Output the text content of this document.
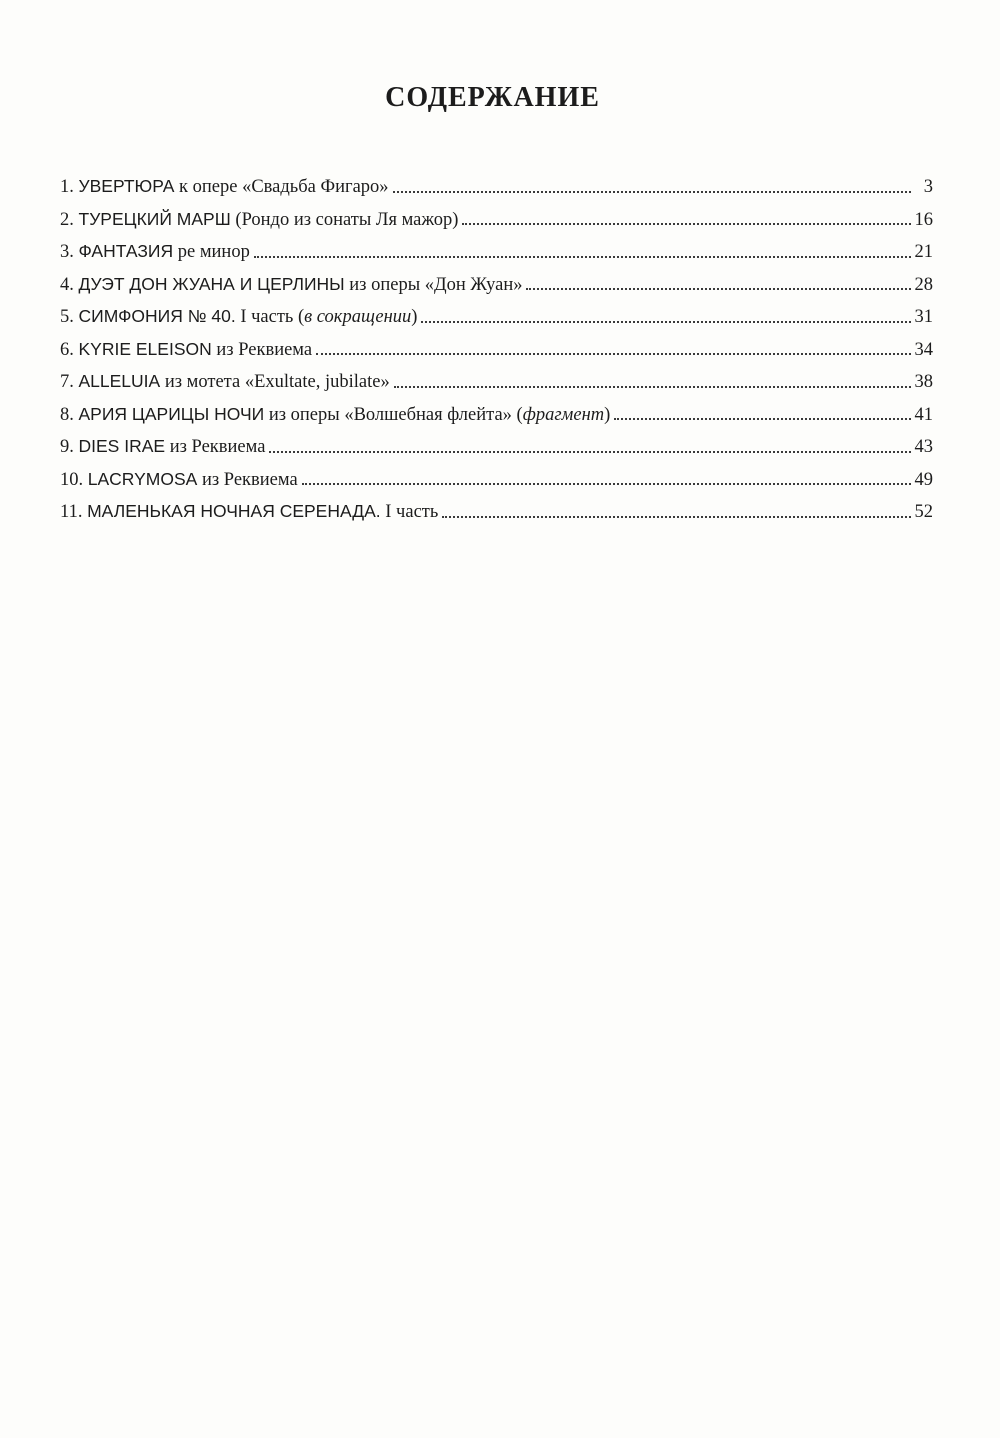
СОДЕРЖАНИЕ
1. УВЕРТЮРА к опере «Свадьба Фигаро»	3
2. ТУРЕЦКИЙ МАРШ (Рондо из сонаты Ля мажор)	16
3. ФАНТАЗИЯ ре минор	21
4. ДУЭТ ДОН ЖУАНА И ЦЕРЛИНЫ из оперы «Дон Жуан»	28
5. СИМФОНИЯ № 40. I часть (в сокращении)	31
6. KYRIE ELEISON из Реквиема	34
7. ALLELUIA из мотета «Exultate, jubilate»	38
8. АРИЯ ЦАРИЦЫ НОЧИ из оперы «Волшебная флейта» (фрагмент)	41
9. DIES IRAE из Реквиема	43
10. LACRYMOSA из Реквиема	49
11. МАЛЕНЬКАЯ НОЧНАЯ СЕРЕНАДА. I часть	52
